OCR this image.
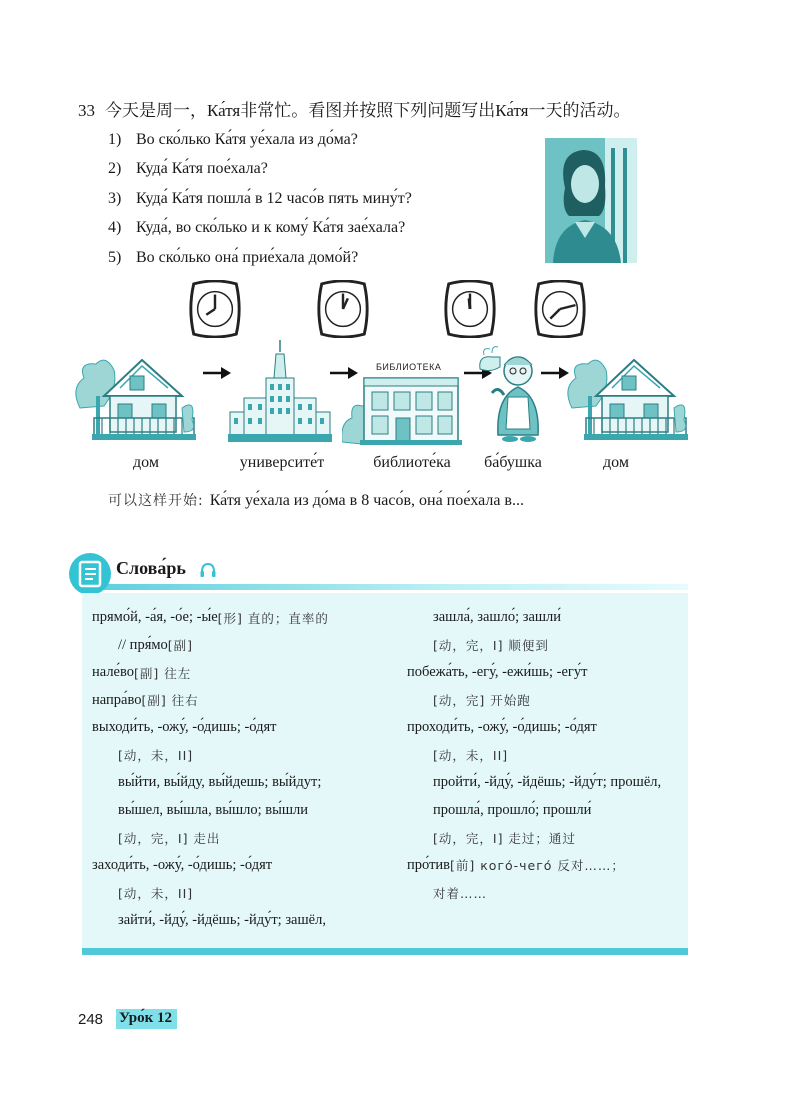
33 今天是周一，Ка́тя非常忙。看图并按照下列问题写出Ка́тя一天的活动。
1) Во ско́лько Ка́тя уе́хала из до́ма?
2) Куда́ Ка́тя пое́хала?
3) Куда́ Ка́тя пошла́ в 12 часо́в пять мину́т?
4) Куда́, во ско́лько и к кому́ Ка́тя зае́хала?
5) Во ско́лько она́ прие́хала домо́й?
БИБЛИОТЕКА
дом	университе́т	библиоте́ка ба́бушка	дом
可以这样开始: Ка́тя уе́хала из до́ма в 8 часо́в, она́ пое́хала в...
Слова́рь
прямо́й, -а́я, -о́е; -ы́е [形] 直的；直率的
// пря́мо [副]
нале́во [副] 往左
напра́во [副] 往右
выходи́ть, -ожу́, -о́дишь; -о́дят
[动，未，II]
вы́йти, вы́йду, вы́йдешь; вы́йдут;
вы́шел, вы́шла, вы́шло; вы́шли
[动，完，I] 走出
заходи́ть, -ожу́, -о́дишь; -о́дят
[动，未，II]
зайти́, -йду́, -йдёшь; -йду́т; зашёл,
зашла́, зашло́; зашли́
[动，完，I] 顺便到
побежа́ть, -егу́, -ежи́шь; -егу́т
[动，完] 开始跑
проходи́ть, -ожу́, -о́дишь; -о́дят
[动，未，II]
пройти́, -йду́, -йдёшь; -йду́т; прошёл,
прошла́, прошло́; прошли́
[动，完，I] 走过；通过
про́тив [前] кого́-чего́ 反对……；
对着……
248 Уро́к 12
